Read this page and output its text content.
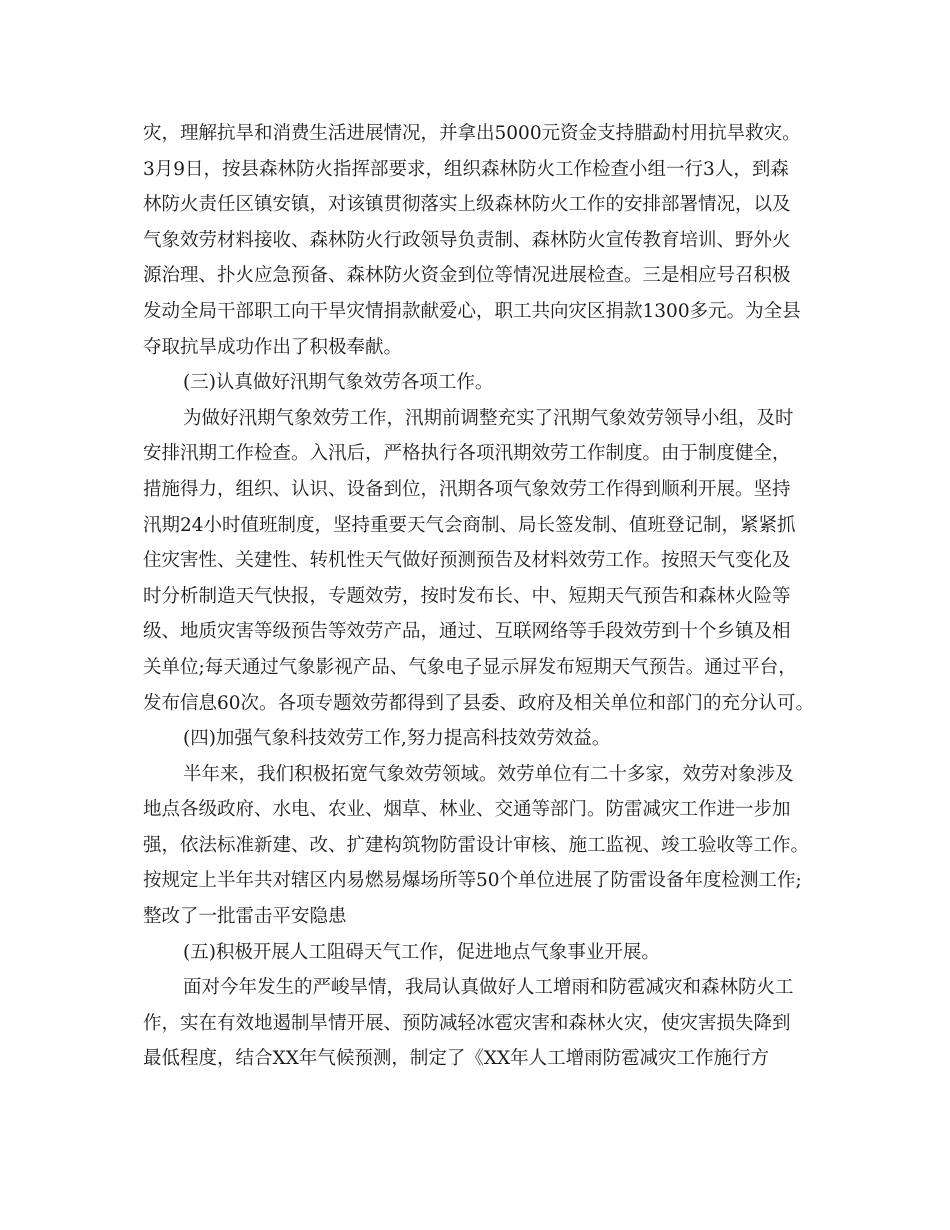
灾，理解抗旱和消费生活进展情况，并拿出5000元资金支持腊勐村用抗旱救灾。
3月9日，按县森林防火指挥部要求，组织森林防火工作检查小组一行3人，到森
林防火责任区镇安镇，对该镇贯彻落实上级森林防火工作的安排部署情况，以及
气象效劳材料接收、森林防火行政领导负责制、森林防火宣传教育培训、野外火
源治理、扑火应急预备、森林防火资金到位等情况进展检查。三是相应号召积极
发动全局干部职工向干旱灾情捐款献爱心，职工共向灾区捐款1300多元。为全县
夺取抗旱成功作出了积极奉献。
(三)认真做好汛期气象效劳各项工作。
为做好汛期气象效劳工作，汛期前调整充实了汛期气象效劳领导小组，及时
安排汛期工作检查。入汛后，严格执行各项汛期效劳工作制度。由于制度健全，
措施得力，组织、认识、设备到位，汛期各项气象效劳工作得到顺利开展。坚持
汛期24小时值班制度，坚持重要天气会商制、局长签发制、值班登记制，紧紧抓
住灾害性、关建性、转机性天气做好预测预告及材料效劳工作。按照天气变化及
时分析制造天气快报，专题效劳，按时发布长、中、短期天气预告和森林火险等
级、地质灾害等级预告等效劳产品，通过、互联网络等手段效劳到十个乡镇及相
关单位;每天通过气象影视产品、气象电子显示屏发布短期天气预告。通过平台，
发布信息60次。各项专题效劳都得到了县委、政府及相关单位和部门的充分认可。
(四)加强气象科技效劳工作,努力提高科技效劳效益。
半年来，我们积极拓宽气象效劳领域。效劳单位有二十多家，效劳对象涉及
地点各级政府、水电、农业、烟草、林业、交通等部门。防雷减灾工作进一步加
强，依法标准新建、改、扩建构筑物防雷设计审核、施工监视、竣工验收等工作。
按规定上半年共对辖区内易燃易爆场所等50个单位进展了防雷设备年度检测工作;
整改了一批雷击平安隐患
(五)积极开展人工阻碍天气工作，促进地点气象事业开展。
面对今年发生的严峻旱情，我局认真做好人工增雨和防雹减灾和森林防火工
作，实在有效地遏制旱情开展、预防减轻冰雹灾害和森林火灾，使灾害损失降到
最低程度，结合XX年气候预测，制定了《XX年人工增雨防雹减灾工作施行方
